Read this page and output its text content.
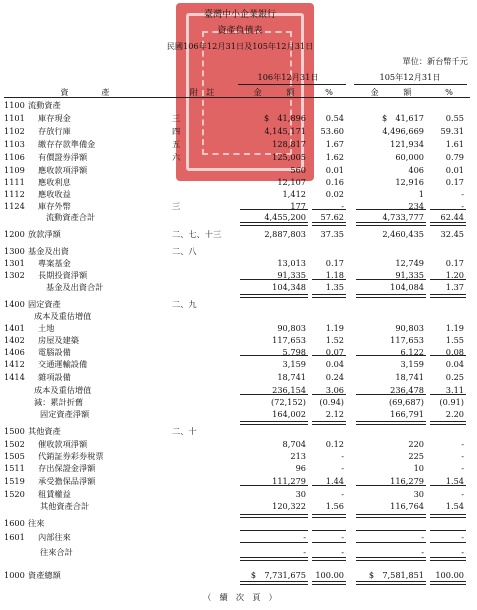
臺灣中小企業銀行
資產負債表
民國106年12月31日及105年12月31日
單位：新台幣千元
106年12月31日	105年12月31日
資　　　　產	附　註	金　　　額	%	金　　　額	%
1100 流動資產
1101	庫存現金	三	$　41,896	0.54	$　41,617	0.55
1102	存放行庫	四	4,145,171	53.60	4,496,669	59.31
1103	繳存存款準備金	五	128,817	1.67	121,934	1.61
1106	有價證券淨額	六	125,005	1.62	60,000	0.79
1109	應收款項淨額	560	0.01	406	0.01
1111	應收利息	12,107	0.16	12,916	0.17
1112	應收收益	1,412	0.02	1	-
1124	庫存外幣	三	177	-	234	-
流動資產合計	4,455,200	57.62	4,733,777	62.44
1200 放款淨額	二、七、十三	2,887,803	37.35	2,460,435	32.45
1300 基金及出資	二、八
1301	專案基金	13,013	0.17	12,749	0.17
1302	長期投資淨額	91,335	1.18	91,335	1.20
基金及出資合計	104,348	1.35	104,084	1.37
1400 固定資產	二、九
成本及重估增值
1401	土地	90,803	1.19	90,803	1.19
1402	房屋及建築	117,653	1.52	117,653	1.55
1406	電腦設備	5,798	0.07	6,122	0.08
1412	交通運輸設備	3,159	0.04	3,159	0.04
1414	雜項設備	18,741	0.24	18,741	0.25
成本及重估增值	236,154	3.06	236,478	3.11
減：累計折舊	(72,152)	(0.94)	(69,687)	(0.91)
固定資產淨額	164,002	2.12	166,791	2.20
1500 其他資產	二、十
1502	催收款項淨額	8,704	0.12	220	-
1505	代銷証券彩券稅票	213	-	225	-
1511	存出保證金淨額	96	-	10	-
1519	承受擔保品淨額	111,279	1.44	116,279	1.54
1520	租賃權益	30	-	30	-
其他資產合計	120,322	1.56	116,764	1.54
1600 往來
1601	內部往來	-	-	-	-
往來合計	-	-	-	-
1000 資產總額	$　7,731,675	100.00	$　7,581,851	100.00
（　續　次　頁　）
